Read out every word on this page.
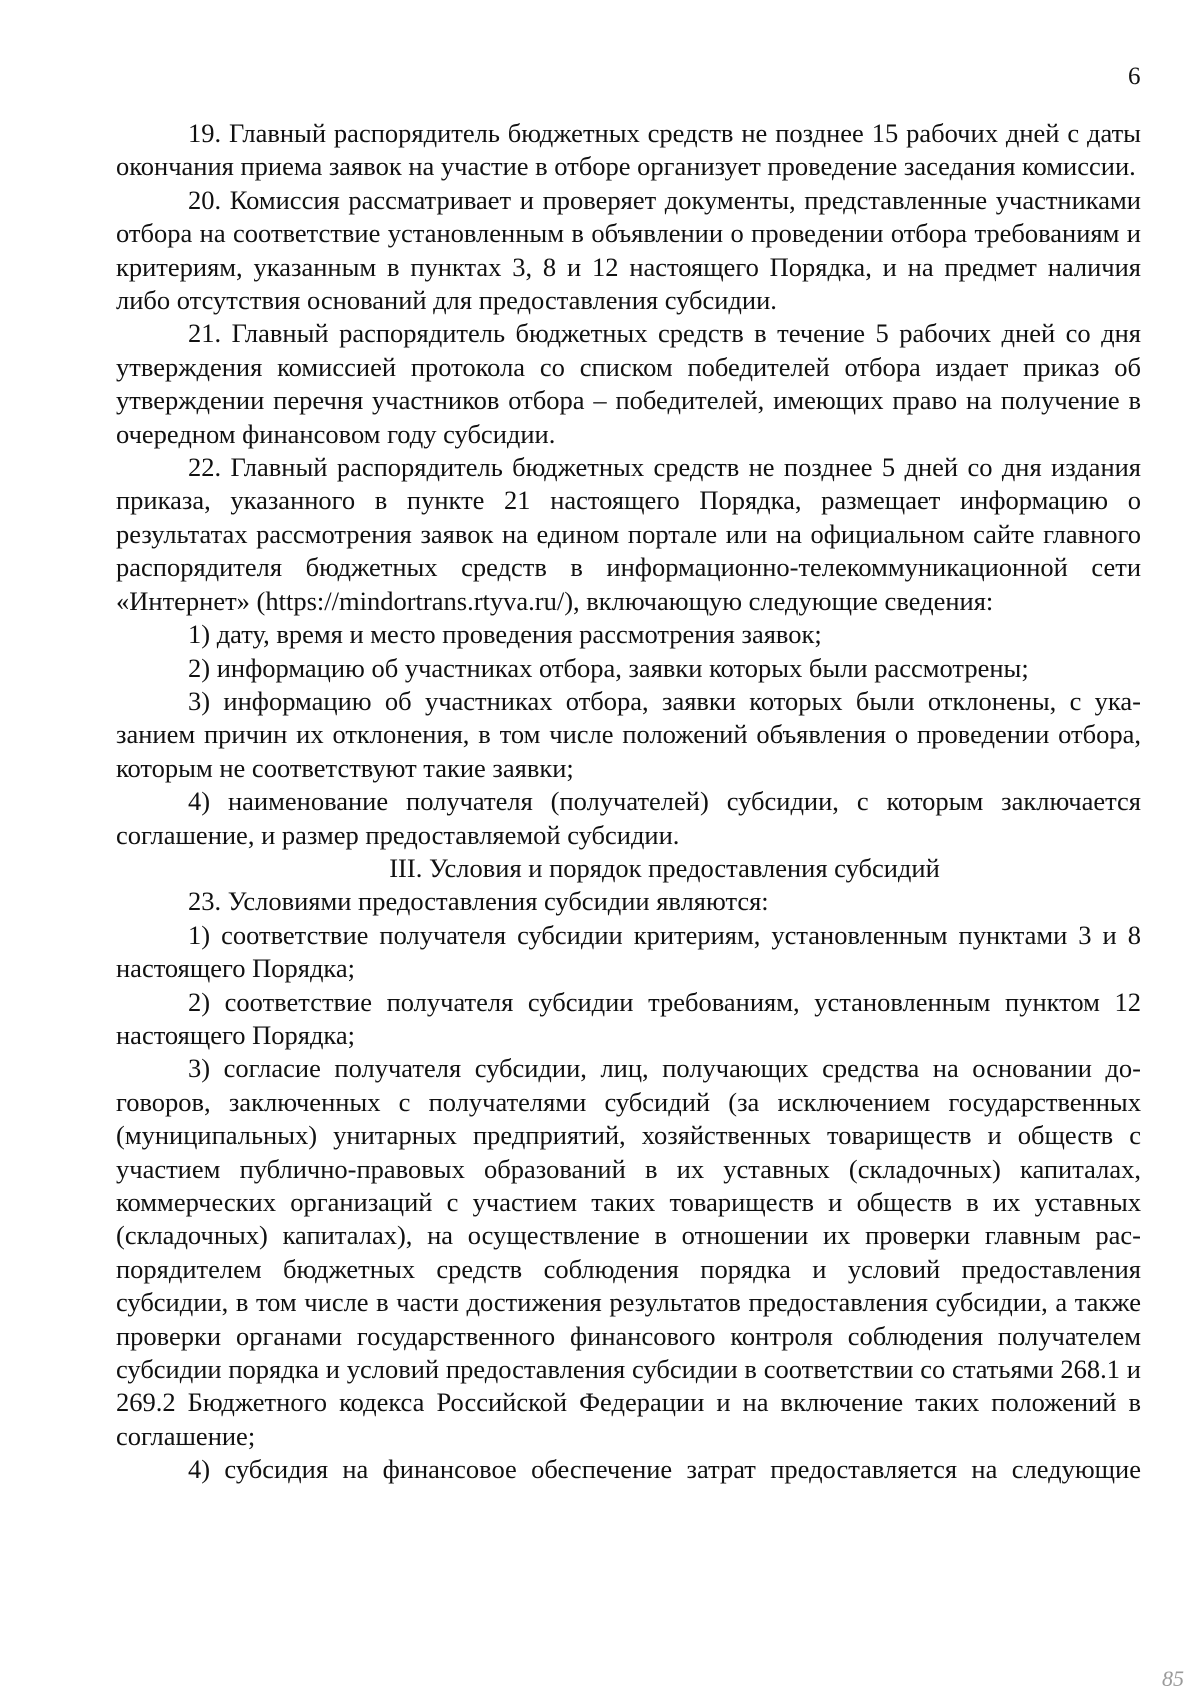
6

19. Главный распорядитель бюджетных средств не позднее 15 рабочих дней с даты окончания приема заявок на участие в отборе организует проведение заседания комиссии.

20. Комиссия рассматривает и проверяет документы, представленные участниками отбора на соответствие установленным в объявлении о проведении отбора требованиям и критериям, указанным в пунктах 3, 8 и 12 настоящего Порядка, и на предмет наличия либо отсутствия оснований для предоставления субсидии.

21. Главный распорядитель бюджетных средств в течение 5 рабочих дней со дня утверждения комиссией протокола со списком победителей отбора издает приказ об утверждении перечня участников отбора – победителей, имеющих право на получение в очередном финансовом году субсидии.

22. Главный распорядитель бюджетных средств не позднее 5 дней со дня издания приказа, указанного в пункте 21 настоящего Порядка, размещает информацию о результатах рассмотрения заявок на едином портале или на официальном сайте главного распорядителя бюджетных средств в информационно-телекоммуникационной сети «Интернет» (https://mindortrans.rtyva.ru/), включающую следующие сведения:

1) дату, время и место проведения рассмотрения заявок;

2) информацию об участниках отбора, заявки которых были рассмотрены;

3) информацию об участниках отбора, заявки которых были отклонены, с указанием причин их отклонения, в том числе положений объявления о проведении отбора, которым не соответствуют такие заявки;

4) наименование получателя (получателей) субсидии, с которым заключается соглашение, и размер предоставляемой субсидии.

III. Условия и порядок предоставления субсидий

23. Условиями предоставления субсидии являются:

1) соответствие получателя субсидии критериям, установленным пунктами 3 и 8 настоящего Порядка;

2) соответствие получателя субсидии требованиям, установленным пунктом 12 настоящего Порядка;

3) согласие получателя субсидии, лиц, получающих средства на основании договоров, заключенных с получателями субсидий (за исключением государственных (муниципальных) унитарных предприятий, хозяйственных товариществ и обществ с участием публично-правовых образований в их уставных (складочных) капиталах, коммерческих организаций с участием таких товариществ и обществ в их уставных (складочных) капиталах), на осуществление в отношении их проверки главным распорядителем бюджетных средств соблюдения порядка и условий предоставления субсидии, в том числе в части достижения результатов предоставления субсидии, а также проверки органами государственного финансового контроля соблюдения получателем субсидии порядка и условий предоставления субсидии в соответствии со статьями 268.1 и 269.2 Бюджетного кодекса Российской Федерации и на включение таких положений в соглашение;

4) субсидия на финансовое обеспечение затрат предоставляется на следующие

85
